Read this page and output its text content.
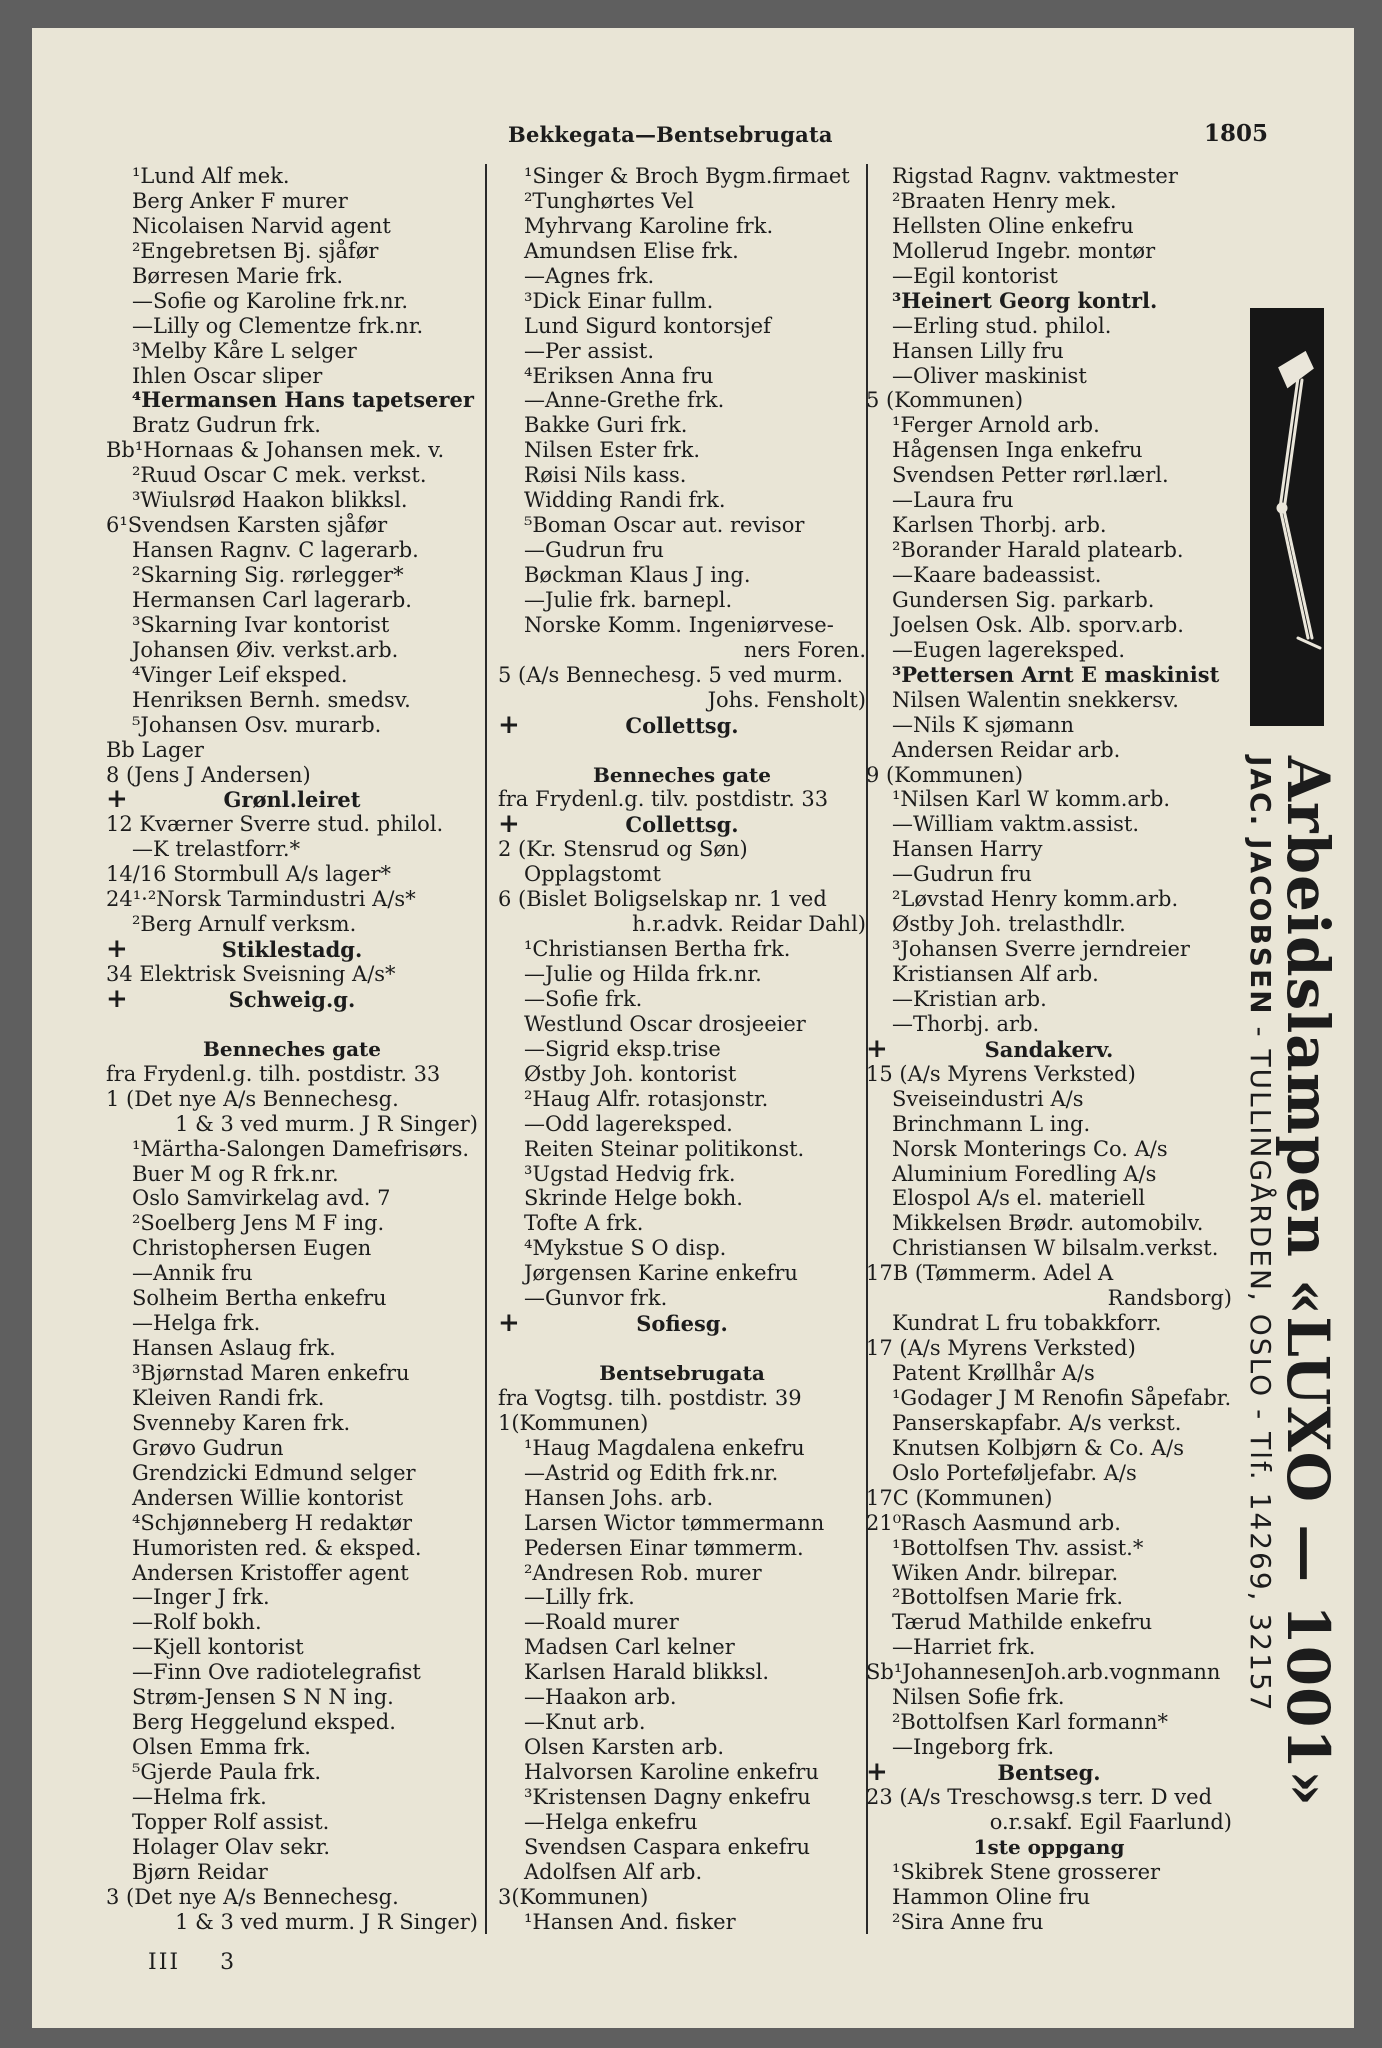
Bekkegata—Bentsebrugata	1805
¹Lund Alf mek.
Berg Anker F murer
Nicolaisen Narvid agent
²Engebretsen Bj. sjåfør
Børresen Marie frk.
—Sofie og Karoline frk.nr.
—Lilly og Clementze frk.nr.
³Melby Kåre L selger
Ihlen Oscar sliper
⁴Hermansen Hans tapetserer
Bratz Gudrun frk.
Bb¹Hornaas & Johansen mek. v.
²Ruud Oscar C mek. verkst.
³Wiulsrød Haakon blikksl.
6¹Svendsen Karsten sjåfør
Hansen Ragnv. C lagerarb.
²Skarning Sig. rørlegger*
Hermansen Carl lagerarb.
³Skarning Ivar kontorist
Johansen Øiv. verkst.arb.
⁴Vinger Leif eksped.
Henriksen Bernh. smedsv.
⁵Johansen Osv. murarb.
Bb Lager
8 (Jens J Andersen)
+	Grønl.leiret
12 Kværner Sverre stud. philol.
—K trelastforr.*
14/16 Stormbull A/s lager*
24¹·²Norsk Tarmindustri A/s*
²Berg Arnulf verksm.
+	Stiklestadg.
34 Elektrisk Sveisning A/s*
+	Schweig.g.
Benneches gate
fra Frydenl.g. tilh. postdistr. 33
1 (Det nye A/s Bennechesg.
1 & 3 ved murm. J R Singer)
¹Märtha-Salongen Damefrisørs.
Buer M og R frk.nr.
Oslo Samvirkelag avd. 7
²Soelberg Jens M F ing.
Christophersen Eugen
—Annik fru
Solheim Bertha enkefru
—Helga frk.
Hansen Aslaug frk.
³Bjørnstad Maren enkefru
Kleiven Randi frk.
Svenneby Karen frk.
Grøvo Gudrun
Grendzicki Edmund selger
Andersen Willie kontorist
⁴Schjønneberg H redaktør
Humoristen red. & eksped.
Andersen Kristoffer agent
—Inger J frk.
—Rolf bokh.
—Kjell kontorist
—Finn Ove radiotelegrafist
Strøm-Jensen S N N ing.
Berg Heggelund eksped.
Olsen Emma frk.
⁵Gjerde Paula frk.
—Helma frk.
Topper Rolf assist.
Holager Olav sekr.
Bjørn Reidar
3 (Det nye A/s Bennechesg.
1 & 3 ved murm. J R Singer)
¹Singer & Broch Bygm.firmaet
²Tunghørtes Vel
Myhrvang Karoline frk.
Amundsen Elise frk.
—Agnes frk.
³Dick Einar fullm.
Lund Sigurd kontorsjef
—Per assist.
⁴Eriksen Anna fru
—Anne-Grethe frk.
Bakke Guri frk.
Nilsen Ester frk.
Røisi Nils kass.
Widding Randi frk.
⁵Boman Oscar aut. revisor
—Gudrun fru
Bøckman Klaus J ing.
—Julie frk. barnepl.
Norske Komm. Ingeniørvese-
ners Foren.
5 (A/s Bennechesg. 5 ved murm.
Johs. Fensholt)
+	Collettsg.
Benneches gate
fra Frydenl.g. tilv. postdistr. 33
+	Collettsg.
2 (Kr. Stensrud og Søn)
Opplagstomt
6 (Bislet Boligselskap nr. 1 ved
h.r.advk. Reidar Dahl)
¹Christiansen Bertha frk.
—Julie og Hilda frk.nr.
—Sofie frk.
Westlund Oscar drosjeeier
—Sigrid eksp.trise
Østby Joh. kontorist
²Haug Alfr. rotasjonstr.
—Odd lagereksped.
Reiten Steinar politikonst.
³Ugstad Hedvig frk.
Skrinde Helge bokh.
Tofte A frk.
⁴Mykstue S O disp.
Jørgensen Karine enkefru
—Gunvor frk.
+	Sofiesg.
Bentsebrugata
fra Vogtsg. tilh. postdistr. 39
1(Kommunen)
¹Haug Magdalena enkefru
—Astrid og Edith frk.nr.
Hansen Johs. arb.
Larsen Wictor tømmermann
Pedersen Einar tømmerm.
²Andresen Rob. murer
—Lilly frk.
—Roald murer
Madsen Carl kelner
Karlsen Harald blikksl.
—Haakon arb.
—Knut arb.
Olsen Karsten arb.
Halvorsen Karoline enkefru
³Kristensen Dagny enkefru
—Helga enkefru
Svendsen Caspara enkefru
Adolfsen Alf arb.
3(Kommunen)
¹Hansen And. fisker
Rigstad Ragnv. vaktmester
²Braaten Henry mek.
Hellsten Oline enkefru
Mollerud Ingebr. montør
—Egil kontorist
³Heinert Georg kontrl.
—Erling stud. philol.
Hansen Lilly fru
—Oliver maskinist
5 (Kommunen)
¹Ferger Arnold arb.
Hågensen Inga enkefru
Svendsen Petter rørl.lærl.
—Laura fru
Karlsen Thorbj. arb.
²Borander Harald platearb.
—Kaare badeassist.
Gundersen Sig. parkarb.
Joelsen Osk. Alb. sporv.arb.
—Eugen lagereksped.
³Pettersen Arnt E maskinist
Nilsen Walentin snekkersv.
—Nils K sjømann
Andersen Reidar arb.
9 (Kommunen)
¹Nilsen Karl W komm.arb.
—William vaktm.assist.
Hansen Harry
—Gudrun fru
²Løvstad Henry komm.arb.
Østby Joh. trelasthdlr.
³Johansen Sverre jerndreier
Kristiansen Alf arb.
—Kristian arb.
—Thorbj. arb.
+	Sandakerv.
15 (A/s Myrens Verksted)
Sveiseindustri A/s
Brinchmann L ing.
Norsk Monterings Co. A/s
Aluminium Foredling A/s
Elospol A/s el. materiell
Mikkelsen Brødr. automobilv.
Christiansen W bilsalm.verkst.
17B (Tømmerm. Adel A
Randsborg)
Kundrat L fru tobakkforr.
17 (A/s Myrens Verksted)
Patent Krøllhår A/s
¹Godager J M Renofin Såpefabr.
Panserskapfabr. A/s verkst.
Knutsen Kolbjørn & Co. A/s
Oslo Porteføljefabr. A/s
17C (Kommunen)
21⁰Rasch Aasmund arb.
¹Bottolfsen Thv. assist.*
Wiken Andr. bilrepar.
²Bottolfsen Marie frk.
Tærud Mathilde enkefru
—Harriet frk.
Sb¹JohannesenJoh.arb.vognmann
Nilsen Sofie frk.
²Bottolfsen Karl formann*
—Ingeborg frk.
+	Bentseg.
23 (A/s Treschowsg.s terr. D ved
o.r.sakf. Egil Faarlund)
1ste oppgang
¹Skibrek Stene grosserer
Hammon Oline fru
²Sira Anne fru
Arbeidslampen «LUXO — 1001»
JAC. JACOBSEN - TULLINGÅRDEN, OSLO - Tlf. 14269, 32157
III 3
